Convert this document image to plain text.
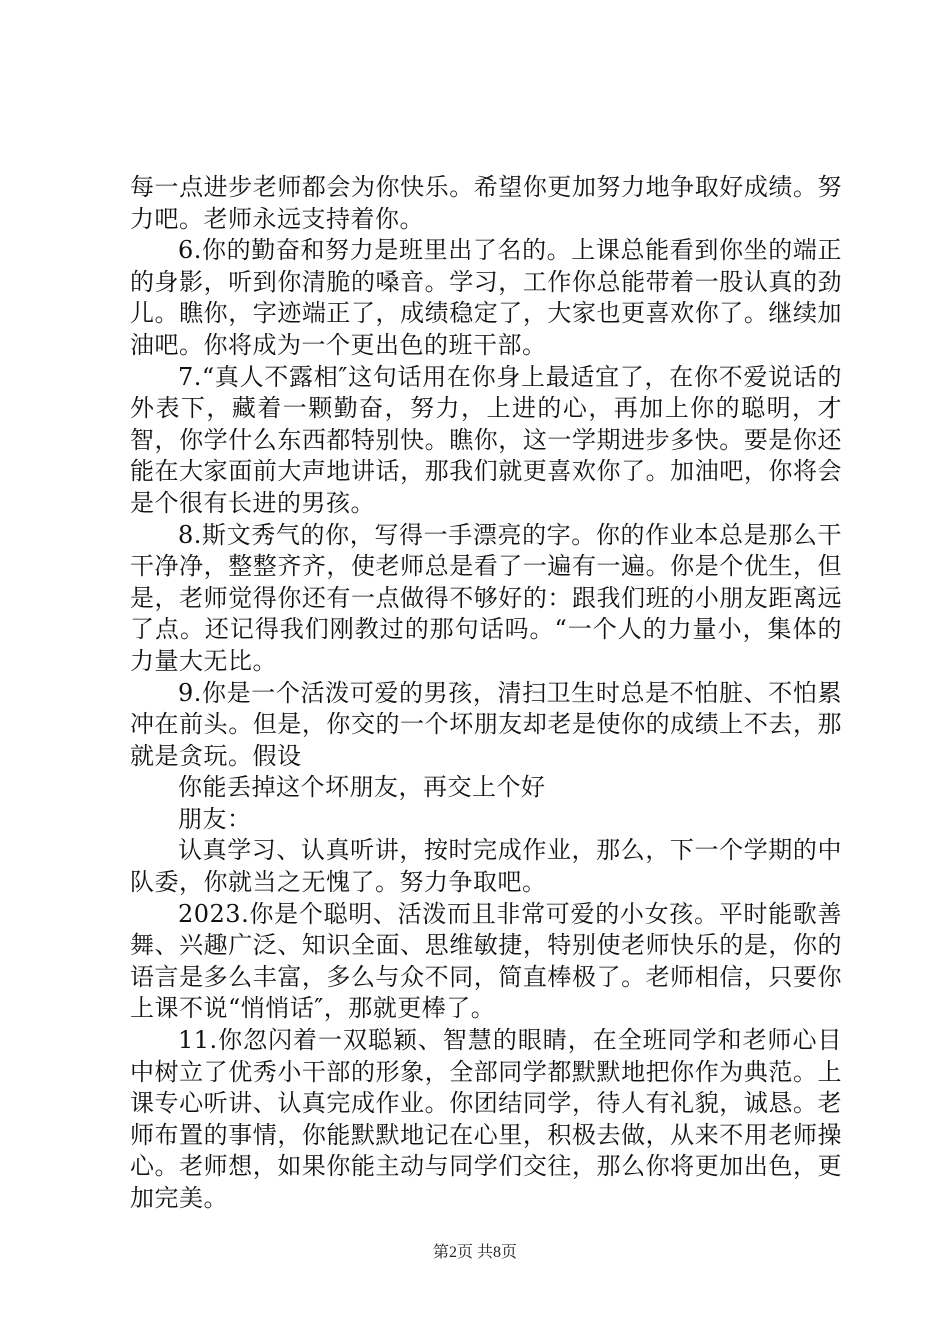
每一点进步老师都会为你快乐。希望你更加努力地争取好成绩。努力吧。老师永远支持着你。

6.你的勤奋和努力是班里出了名的。上课总能看到你坐的端正的身影，听到你清脆的嗓音。学习，工作你总能带着一股认真的劲儿。瞧你，字迹端正了，成绩稳定了，大家也更喜欢你了。继续加油吧。你将成为一个更出色的班干部。

7.“真人不露相″这句话用在你身上最适宜了，在你不爱说话的外表下，藏着一颗勤奋，努力，上进的心，再加上你的聪明，才智，你学什么东西都特别快。瞧你，这一学期进步多快。要是你还能在大家面前大声地讲话，那我们就更喜欢你了。加油吧，你将会是个很有长进的男孩。

8.斯文秀气的你，写得一手漂亮的字。你的作业本总是那么干干净净，整整齐齐，使老师总是看了一遍有一遍。你是个优生，但是，老师觉得你还有一点做得不够好的：跟我们班的小朋友距离远了点。还记得我们刚教过的那句话吗。“一个人的力量小，集体的力量大无比。

9.你是一个活泼可爱的男孩，清扫卫生时总是不怕脏、不怕累冲在前头。但是，你交的一个坏朋友却老是使你的成绩上不去，那就是贪玩。假设

你能丢掉这个坏朋友，再交上个好

朋友：

认真学习、认真听讲，按时完成作业，那么，下一个学期的中队委，你就当之无愧了。努力争取吧。

2023.你是个聪明、活泼而且非常可爱的小女孩。平时能歌善舞、兴趣广泛、知识全面、思维敏捷，特别使老师快乐的是，你的语言是多么丰富，多么与众不同，简直棒极了。老师相信，只要你上课不说“悄悄话″，那就更棒了。

11.你忽闪着一双聪颖、智慧的眼睛，在全班同学和老师心目中树立了优秀小干部的形象，全部同学都默默地把你作为典范。上课专心听讲、认真完成作业。你团结同学，待人有礼貌，诚恳。老师布置的事情，你能默默地记在心里，积极去做，从来不用老师操心。老师想，如果你能主动与同学们交往，那么你将更加出色，更加完美。

第2页 共8页
